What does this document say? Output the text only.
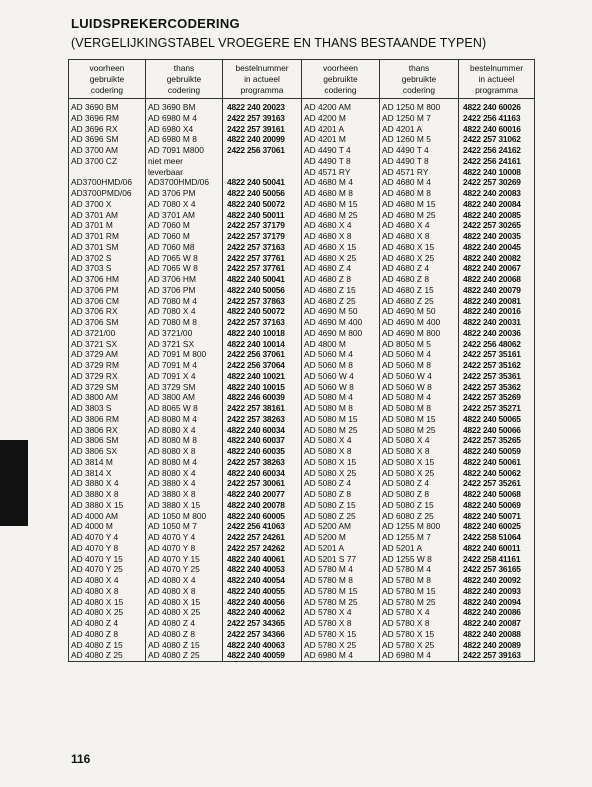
LUIDSPREKERCODERING
(VERGELIJKINGSTABEL VROEGERE EN THANS BESTAANDE TYPEN)
voorheen
gebruikte
codering	thans
gebruikte
codering	bestelnummer
in actueel
programma	voorheen
gebruikte
codering	thans
gebruikte
codering	bestelnummer
in actueel
programma

AD 3690 BM	AD 3690 BM	4822 240 20023	AD 4200 AM	AD 1250 M 800	4822 240 60026
AD 3696 RM	AD 6980 M 4	2422 257 39163	AD 4200 M	AD 1250 M 7	2422 256 41163
AD 3696 RX	AD 6980 X4	2422 257 39161	AD 4201 A	AD 4201 A	4822 240 60016
AD 3696 SM	AD 6980 M 8	4822 240 20099	AD 4201 M	AD 1260 M 5	2422 257 31062
AD 3700 AM	AD 7091 M800	2422 256 37061	AD 4490 T 4	AD 4490 T 4	2422 256 24162
AD 3700 CZ	niet meer		AD 4490 T 8	AD 4490 T 8	2422 256 24161
	leverbaar		AD 4571 RY	AD 4571 RY	4822 240 10008
AD3700HMD/06	AD3700HMD/06	4822 240 50041	AD 4680 M 4	AD 4680 M 4	2422 257 30269
AD3700PMD/06	AD 3706 PM	4822 240 50056	AD 4680 M 8	AD 4680 M 8	4822 240 20083
AD 3700 X	AD 7080 X 4	4822 240 50072	AD 4680 M 15	AD 4680 M 15	4822 240 20084
AD 3701 AM	AD 3701 AM	4822 240 50011	AD 4680 M 25	AD 4680 M 25	4822 240 20085
AD 3701 M	AD 7060 M	2422 257 37179	AD 4680 X 4	AD 4680 X 4	2422 257 30265
AD 3701 RM	AD 7060 M	2422 257 37179	AD 4680 X 8	AD 4680 X 8	4822 240 20035
AD 3701 SM	AD 7060 M8	2422 257 37163	AD 4680 X 15	AD 4680 X 15	4822 240 20045
AD 3702 S	AD 7065 W 8	2422 257 37761	AD 4680 X 25	AD 4680 X 25	4822 240 20082
AD 3703 S	AD 7065 W 8	2422 257 37761	AD 4680 Z 4	AD 4680 Z 4	4822 240 20067
AD 3706 HM	AD 3706 HM	4822 240 50041	AD 4680 Z 8	AD 4680 Z 8	4822 240 20068
AD 3706 PM	AD 3706 PM	4822 240 50056	AD 4680 Z 15	AD 4680 Z 15	4822 240 20079
AD 3706 CM	AD 7080 M 4	2422 257 37863	AD 4680 Z 25	AD 4680 Z 25	4822 240 20081
AD 3706 RX	AD 7080 X 4	4822 240 50072	AD 4690 M 50	AD 4690 M 50	4822 240 20016
AD 3706 SM	AD 7080 M 8	2422 257 37163	AD 4690 M 400	AD 4690 M 400	4822 240 20031
AD 3721/00	AD 3721/00	4822 240 10018	AD 4690 M 800	AD 4690 M 800	4822 240 20036
AD 3721 SX	AD 3721 SX	4822 240 10014	AD 4800 M	AD 8050 M 5	2422 256 48062
AD 3729 AM	AD 7091 M 800	2422 256 37061	AD 5060 M 4	AD 5060 M 4	2422 257 35161
AD 3729 RM	AD 7091 M 4	2422 256 37064	AD 5060 M 8	AD 5060 M 8	2422 257 35162
AD 3729 RX	AD 7091 X 4	4822 240 10021	AD 5060 W 4	AD 5060 W 4	2422 257 35361
AD 3729 SM	AD 3729 SM	4822 240 10015	AD 5060 W 8	AD 5060 W 8	2422 257 35362
AD 3800 AM	AD 3800 AM	4822 246 60039	AD 5080 M 4	AD 5080 M 4	2422 257 35269
AD 3803 S	AD 8065 W 8	2422 257 38161	AD 5080 M 8	AD 5080 M 8	2422 257 35271
AD 3806 RM	AD 8080 M 4	2422 257 38263	AD 5080 M 15	AD 5080 M 15	4822 240 50065
AD 3806 RX	AD 8080 X 4	4822 240 60034	AD 5080 M 25	AD 5080 M 25	4822 240 50066
AD 3806 SM	AD 8080 M 8	4822 240 60037	AD 5080 X 4	AD 5080 X 4	2422 257 35265
AD 3806 SX	AD 8080 X 8	4822 240 60035	AD 5080 X 8	AD 5080 X 8	4822 240 50059
AD 3814 M	AD 8080 M 4	2422 257 38263	AD 5080 X 15	AD 5080 X 15	4822 240 50061
AD 3814 X	AD 8080 X 4	4822 240 60034	AD 5080 X 25	AD 5080 X 25	4822 240 50062
AD 3880 X 4	AD 3880 X 4	2422 257 30061	AD 5080 Z 4	AD 5080 Z 4	2422 257 35261
AD 3880 X 8	AD 3880 X 8	4822 240 20077	AD 5080 Z 8	AD 5080 Z 8	4822 240 50068
AD 3880 X 15	AD 3880 X 15	4822 240 20078	AD 5080 Z 15	AD 5080 Z 15	4822 240 50069
AD 4000 AM	AD 1050 M 800	4822 240 60005	AD 5080 Z 25	AD 6080 Z 25	4822 240 50071
AD 4000 M	AD 1050 M 7	2422 256 41063	AD 5200 AM	AD 1255 M 800	4822 240 60025
AD 4070 Y 4	AD 4070 Y 4	2422 257 24261	AD 5200 M	AD 1255 M 7	2422 258 51064
AD 4070 Y 8	AD 4070 Y 8	2422 257 24262	AD 5201 A	AD 5201 A	4822 240 60011
AD 4070 Y 15	AD 4070 Y 15	4822 240 40061	AD 5201 S 77	AD 1255 W 8	2422 258 41161
AD 4070 Y 25	AD 4070 Y 25	4822 240 40053	AD 5780 M 4	AD 5780 M 4	2422 257 36165
AD 4080 X 4	AD 4080 X 4	4822 240 40054	AD 5780 M 8	AD 5780 M 8	4822 240 20092
AD 4080 X 8	AD 4080 X 8	4822 240 40055	AD 5780 M 15	AD 5780 M 15	4822 240 20093
AD 4080 X 15	AD 4080 X 15	4822 240 40056	AD 5780 M 25	AD 5780 M 25	4822 240 20094
AD 4080 X 25	AD 4080 X 25	4822 240 40062	AD 5780 X 4	AD 5780 X 4	4822 240 20086
AD 4080 Z 4	AD 4080 Z 4	2422 257 34365	AD 5780 X 8	AD 5780 X 8	4822 240 20087
AD 4080 Z 8	AD 4080 Z 8	2422 257 34366	AD 5780 X 15	AD 5780 X 15	4822 240 20088
AD 4080 Z 15	AD 4080 Z 15	4822 240 40063	AD 5780 X 25	AD 5780 X 25	4822 240 20089
AD 4080 Z 25	AD 4080 Z 25	4822 240 40059	AD 6980 M 4	AD 6980 M 4	2422 257 39163
116
